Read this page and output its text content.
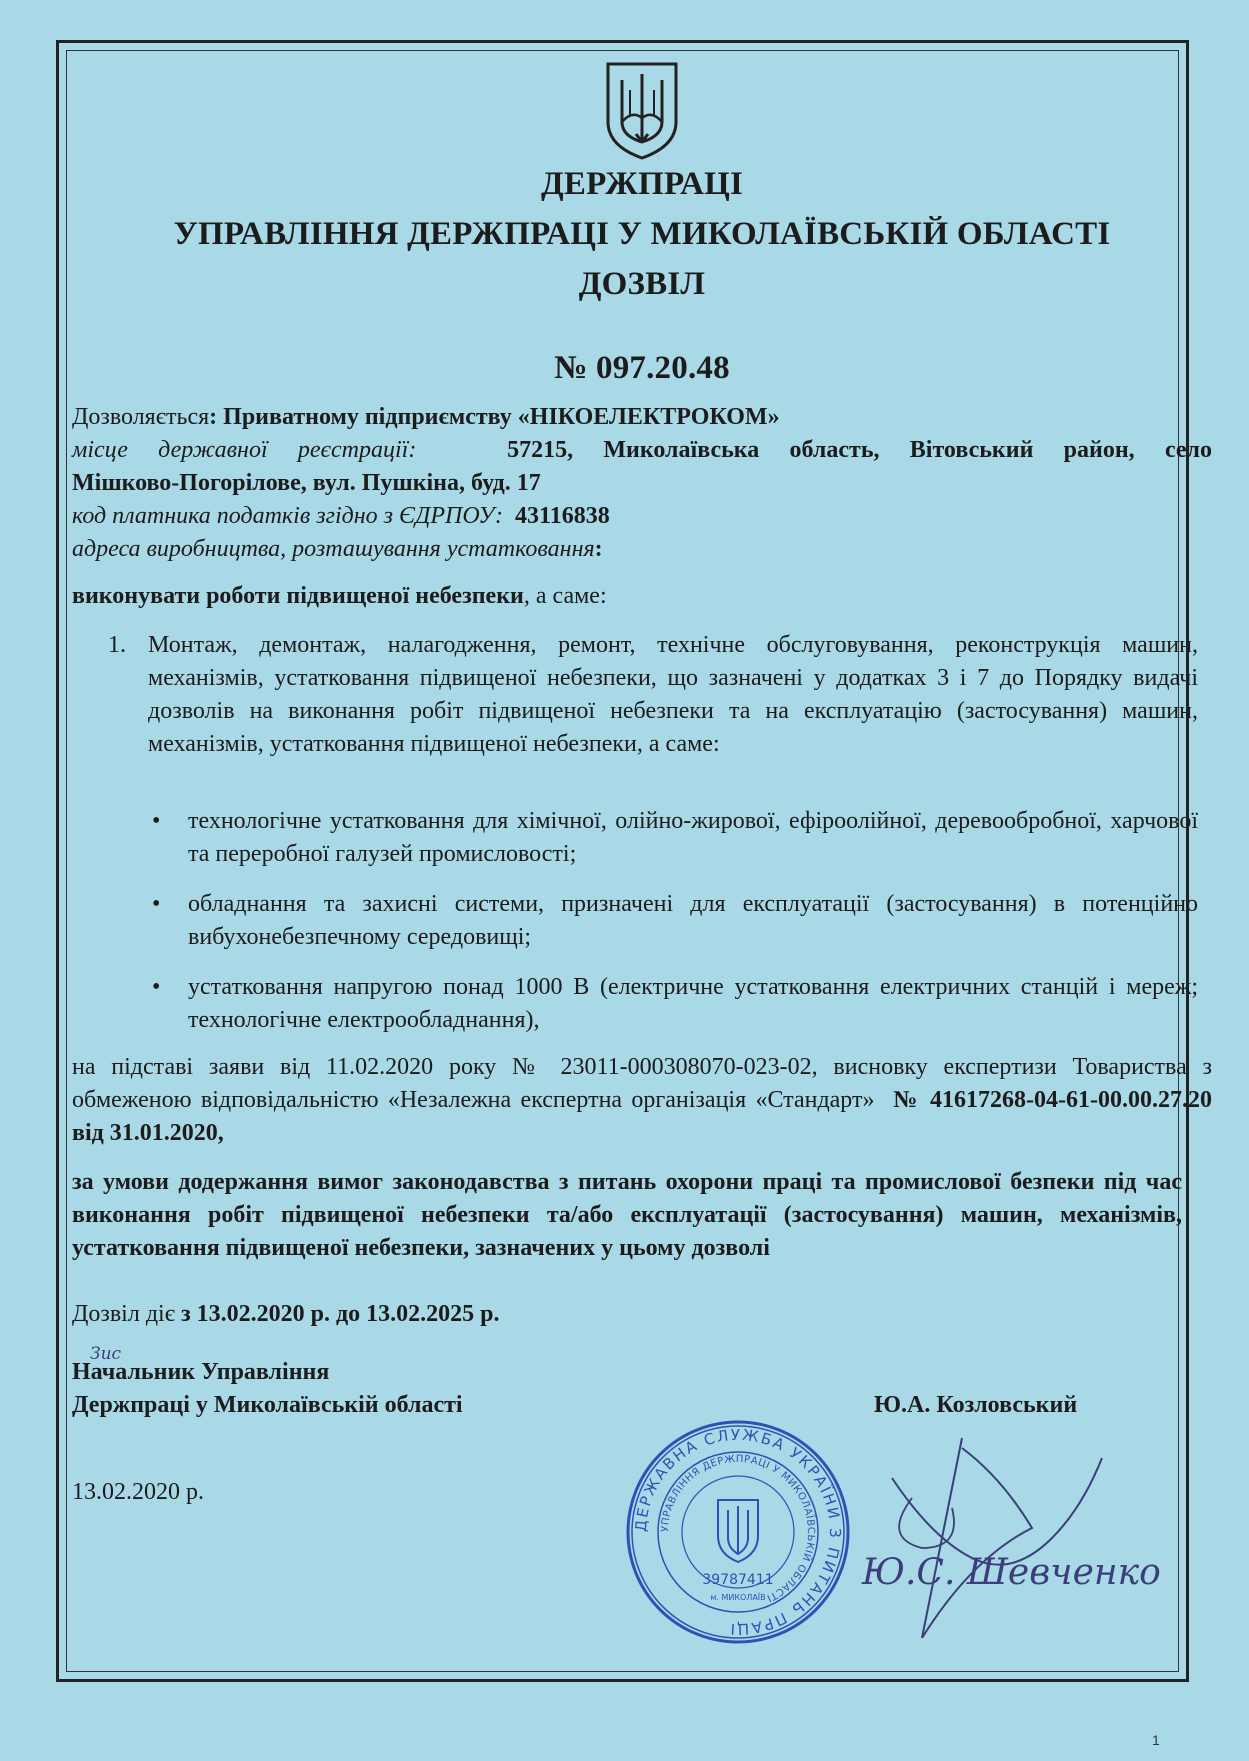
ДЕРЖПРАЦІ
УПРАВЛІННЯ ДЕРЖПРАЦІ У МИКОЛАЇВСЬКІЙ ОБЛАСТІ
ДОЗВІЛ
№ 097.20.48
Дозволяється: Приватному підприємству «НІКОЕЛЕКТРОКОМ»
місце державної реєстрації:	57215, Миколаївська область, Вітовський район, село
Мішково-Погорілове, вул. Пушкіна, буд. 17
код платника податків згідно з ЄДРПОУ: 43116838
адреса виробництва, розташування устатковання:
виконувати роботи підвищеної небезпеки, а саме:
1. Монтаж, демонтаж, налагодження, ремонт, технічне обслуговування, реконструкція машин, механізмів, устатковання підвищеної небезпеки, що зазначені у додатках 3 і 7 до Порядку видачі дозволів на виконання робіт підвищеної небезпеки та на експлуатацію (застосування) машин, механізмів, устатковання підвищеної небезпеки, а саме:
• технологічне устатковання для хімічної, олійно-жирової, ефіроолійної, деревообробної, харчової та переробної галузей промисловості;
• обладнання та захисні системи, призначені для експлуатації (застосування) в потенційно вибухонебезпечному середовищі;
• устатковання напругою понад 1000 В (електричне устатковання електричних станцій і мереж; технологічне електрообладнання),
на підставі заяви від 11.02.2020 року № 23011-000308070-023-02, висновку експертизи Товариства з обмеженою відповідальністю «Незалежна експертна організація «Стандарт» № 41617268-04-61-00.00.27.20 від 31.01.2020,
за умови додержання вимог законодавства з питань охорони праці та промислової безпеки під час виконання робіт підвищеної небезпеки та/або експлуатації (застосування) машин, механізмів, устатковання підвищеної небезпеки, зазначених у цьому дозволі
Дозвіл діє з 13.02.2020 р. до 13.02.2025 р.
Зис
Начальник Управління
Держпраці у Миколаївській області	Ю.А. Козловський
13.02.2020 р.
ДЕРЖАВНА СЛУЖБА УКРАЇНИ З ПИТАНЬ ПРАЦІ
УПРАВЛІННЯ ДЕРЖПРАЦІ У МИКОЛАЇВСЬКІЙ ОБЛАСТІ
39787411
м. МИКОЛАЇВ
Ю.С. Шевченко
1
